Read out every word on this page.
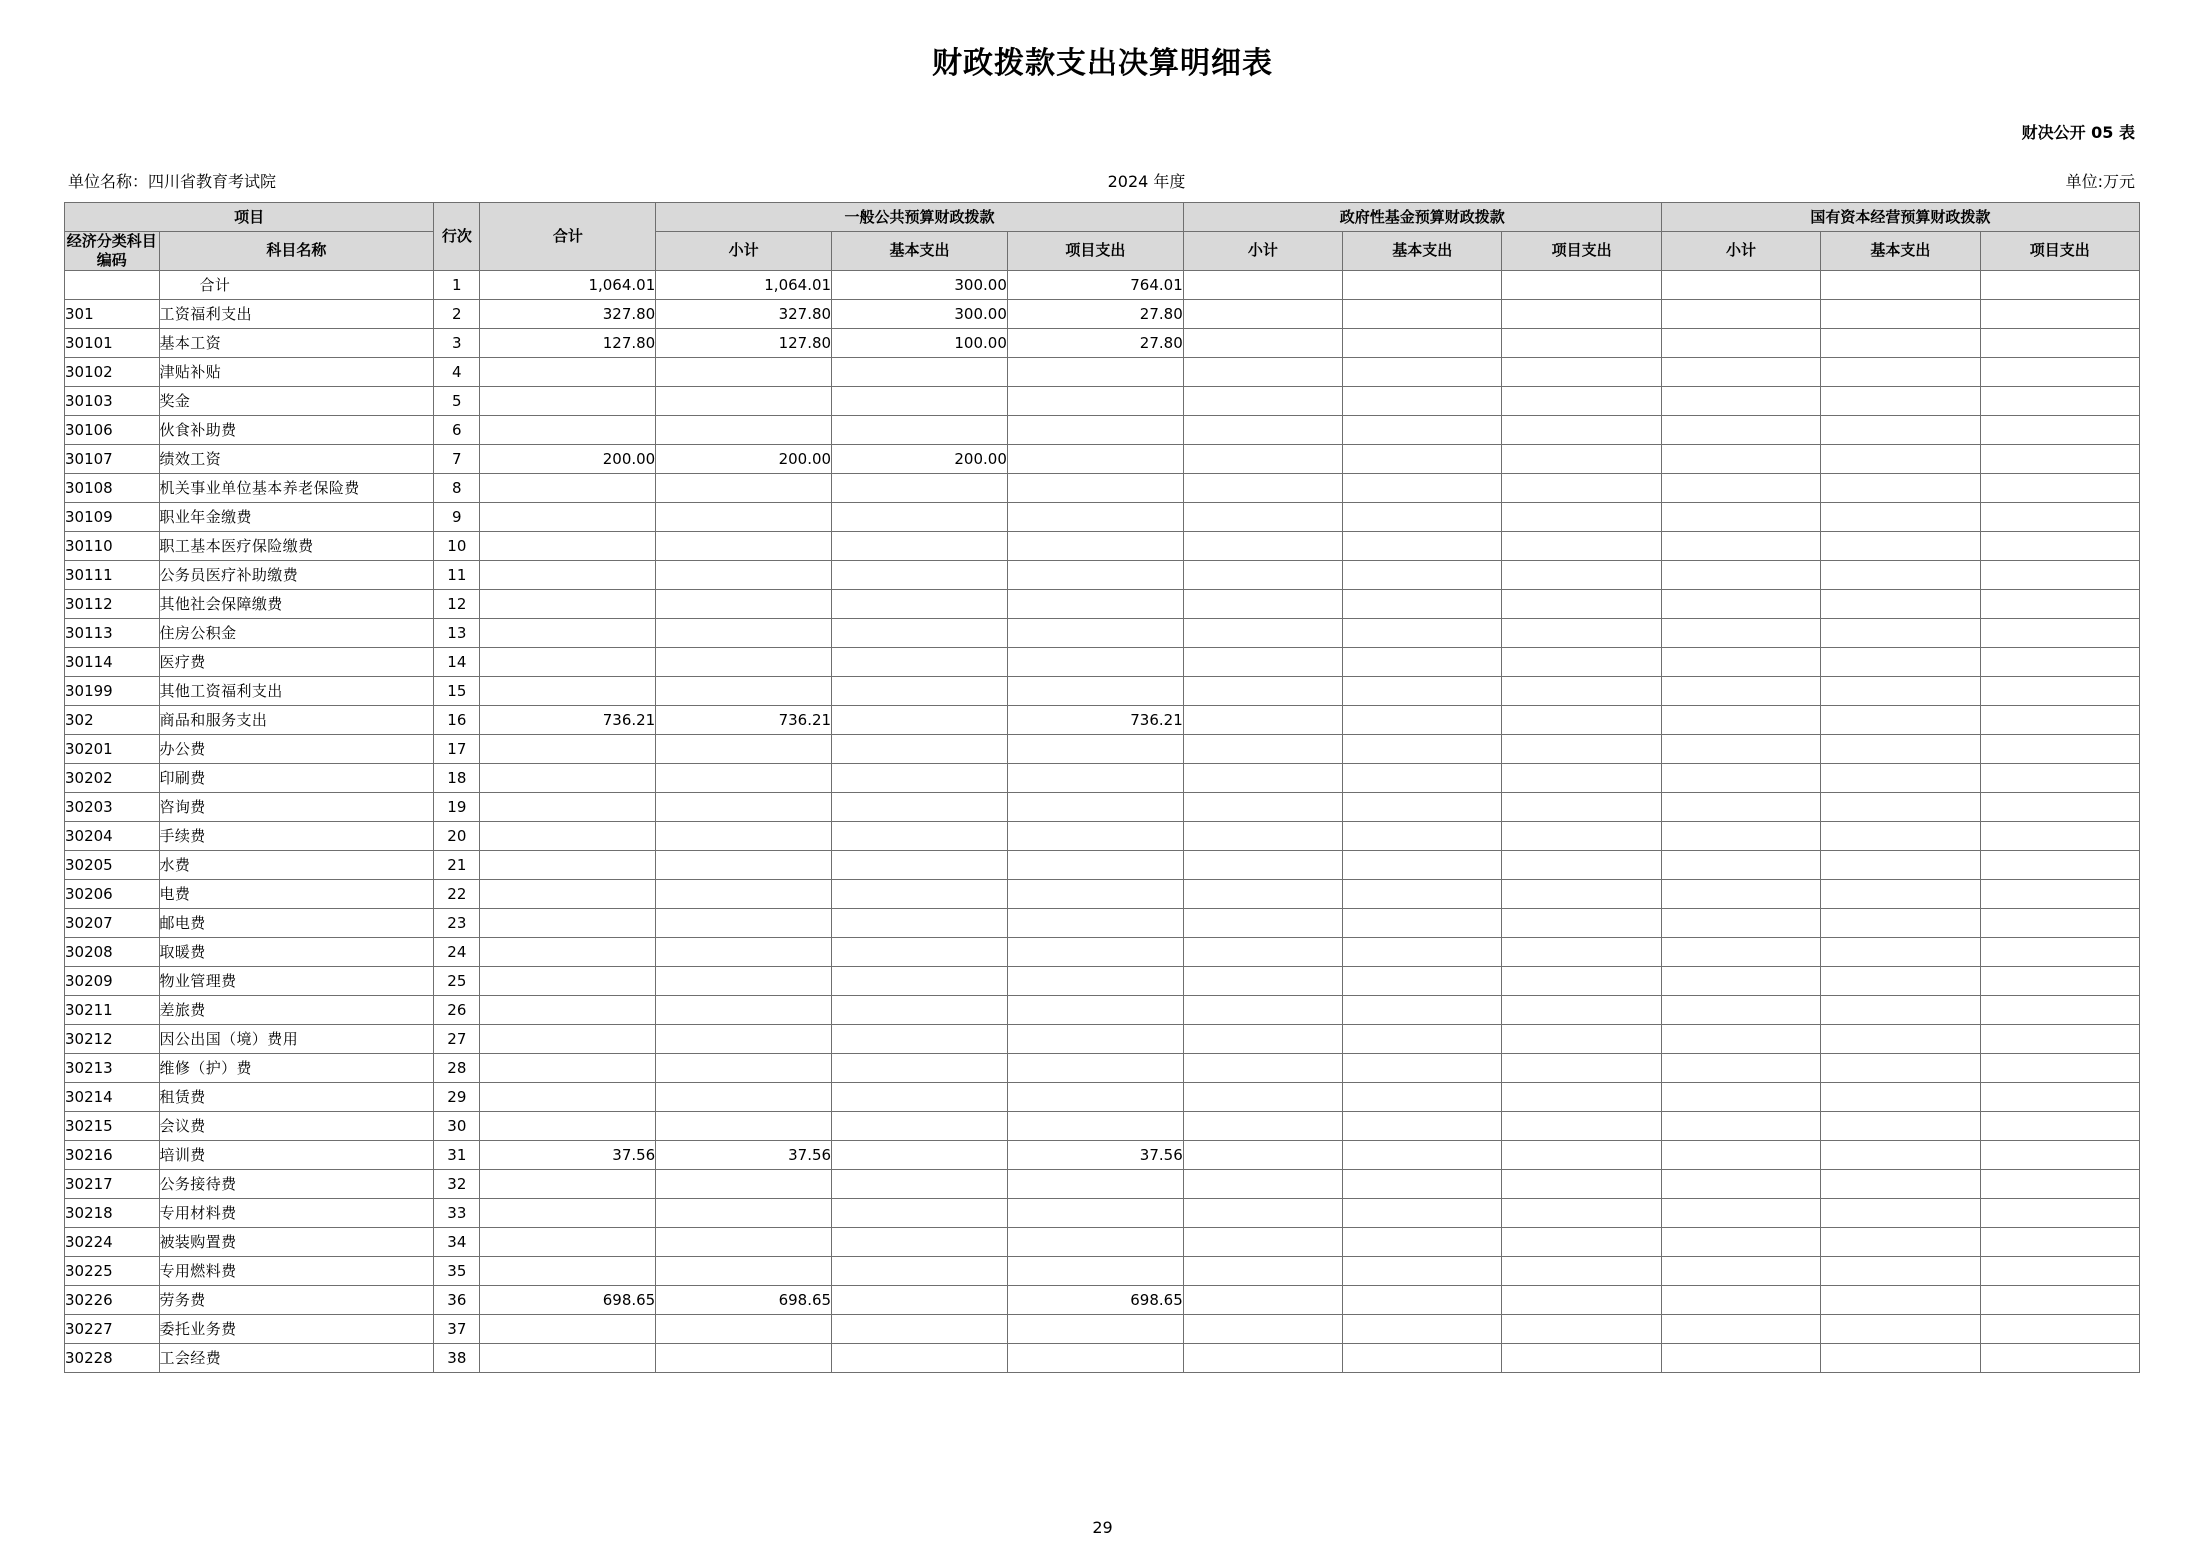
财政拨款支出决算明细表
财决公开 05 表
单位名称：四川省教育考试院	2024 年度	单位:万元
项目		行次	合计	一般公共预算财政拨款			政府性基金预算财政拨款			国有资本经营预算财政拨款		
经济分类科目编码	科目名称			小计	基本支出	项目支出	小计	基本支出	项目支出	小计	基本支出	项目支出
	合计	1	1,064.01	1,064.01	300.00	764.01						
301	工资福利支出	2	327.80	327.80	300.00	27.80						
30101	基本工资	3	127.80	127.80	100.00	27.80						
30102	津贴补贴	4										
30103	奖金	5										
30106	伙食补助费	6										
30107	绩效工资	7	200.00	200.00	200.00							
30108	机关事业单位基本养老保险费	8										
30109	职业年金缴费	9										
30110	职工基本医疗保险缴费	10										
30111	公务员医疗补助缴费	11										
30112	其他社会保障缴费	12										
30113	住房公积金	13										
30114	医疗费	14										
30199	其他工资福利支出	15										
302	商品和服务支出	16	736.21	736.21		736.21						
30201	办公费	17										
30202	印刷费	18										
30203	咨询费	19										
30204	手续费	20										
30205	水费	21										
30206	电费	22										
30207	邮电费	23										
30208	取暖费	24										
30209	物业管理费	25										
30211	差旅费	26										
30212	因公出国（境）费用	27										
30213	维修（护）费	28										
30214	租赁费	29										
30215	会议费	30										
30216	培训费	31	37.56	37.56		37.56						
30217	公务接待费	32										
30218	专用材料费	33										
30224	被装购置费	34										
30225	专用燃料费	35										
30226	劳务费	36	698.65	698.65		698.65						
30227	委托业务费	37										
30228	工会经费	38										
29
